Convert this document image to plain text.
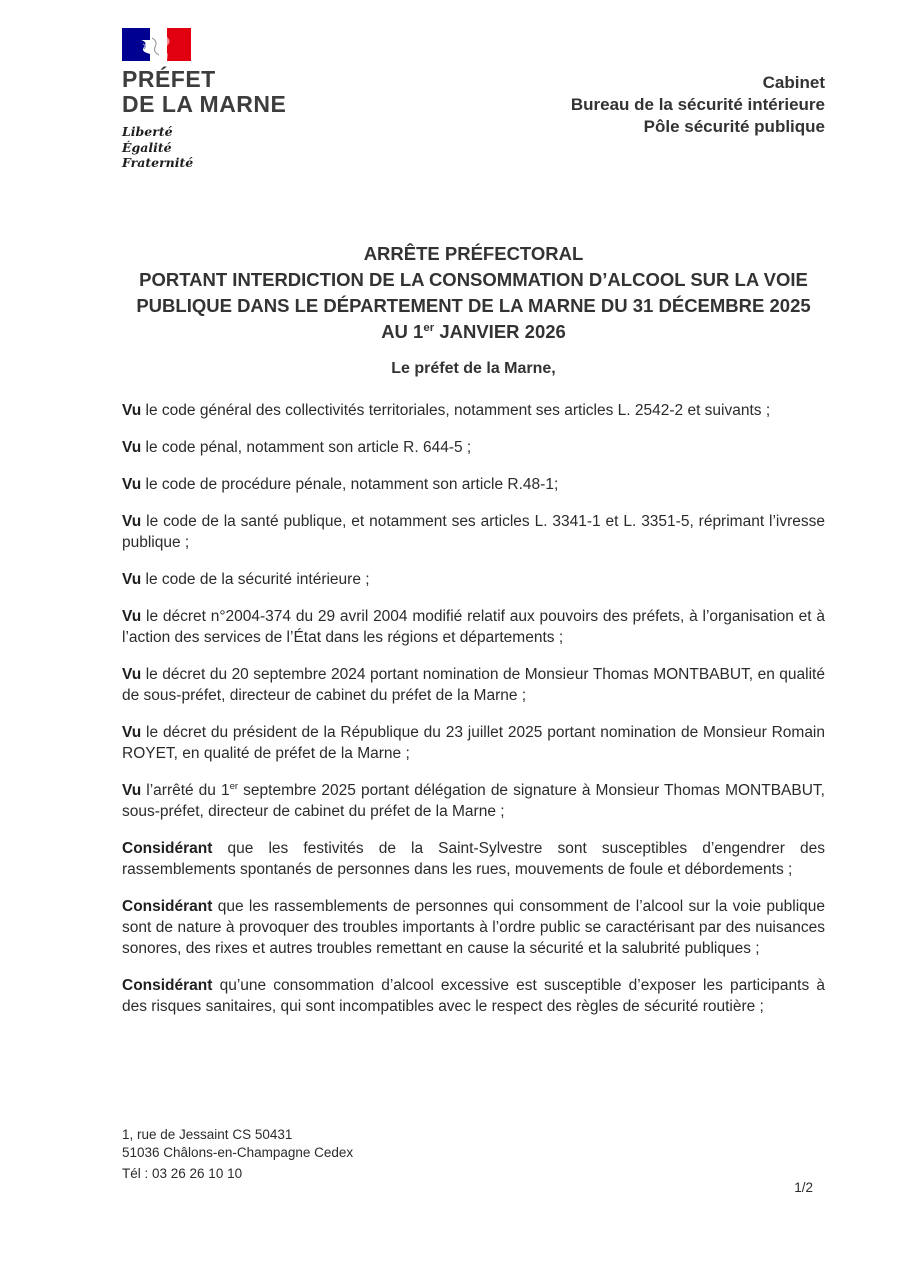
PRÉFET
DE LA MARNE
Liberté
Égalité
Fraternité
Cabinet
Bureau de la sécurité intérieure
Pôle sécurité publique
ARRÊTE PRÉFECTORAL
PORTANT INTERDICTION DE LA CONSOMMATION D’ALCOOL SUR LA VOIE
PUBLIQUE DANS LE DÉPARTEMENT DE LA MARNE DU 31 DÉCEMBRE 2025
AU 1er JANVIER 2026
Le préfet de la Marne,

Vu le code général des collectivités territoriales, notamment ses articles L. 2542-2 et suivants ;

Vu le code pénal, notamment son article R. 644-5 ;

Vu le code de procédure pénale, notamment son article R.48-1;

Vu le code de la santé publique, et notamment ses articles L. 3341-1 et L. 3351-5, réprimant l’ivresse publique ;

Vu le code de la sécurité intérieure ;

Vu le décret n°2004-374 du 29 avril 2004 modifié relatif aux pouvoirs des préfets, à l’organisation et à l’action des services de l’État dans les régions et départements ;

Vu le décret du 20 septembre 2024 portant nomination de Monsieur Thomas MONTBABUT, en qualité de sous-préfet, directeur de cabinet du préfet de la Marne ;

Vu le décret du président de la République du 23 juillet 2025 portant nomination de Monsieur Romain ROYET, en qualité de préfet de la Marne ;

Vu l’arrêté du 1er septembre 2025 portant délégation de signature à Monsieur Thomas MONTBABUT, sous-préfet, directeur de cabinet du préfet de la Marne ;

Considérant que les festivités de la Saint-Sylvestre sont susceptibles d’engendrer des rassemblements spontanés de personnes dans les rues, mouvements de foule et débordements ;

Considérant que les rassemblements de personnes qui consomment de l’alcool sur la voie publique sont de nature à provoquer des troubles importants à l’ordre public se caractérisant par des nuisances sonores, des rixes et autres troubles remettant en cause la sécurité et la salubrité publiques ;

Considérant qu’une consommation d’alcool excessive est susceptible d’exposer les participants à des risques sanitaires, qui sont incompatibles avec le respect des règles de sécurité routière ;

1, rue de Jessaint CS 50431
51036 Châlons-en-Champagne Cedex
Tél : 03 26 26 10 10
1/2
